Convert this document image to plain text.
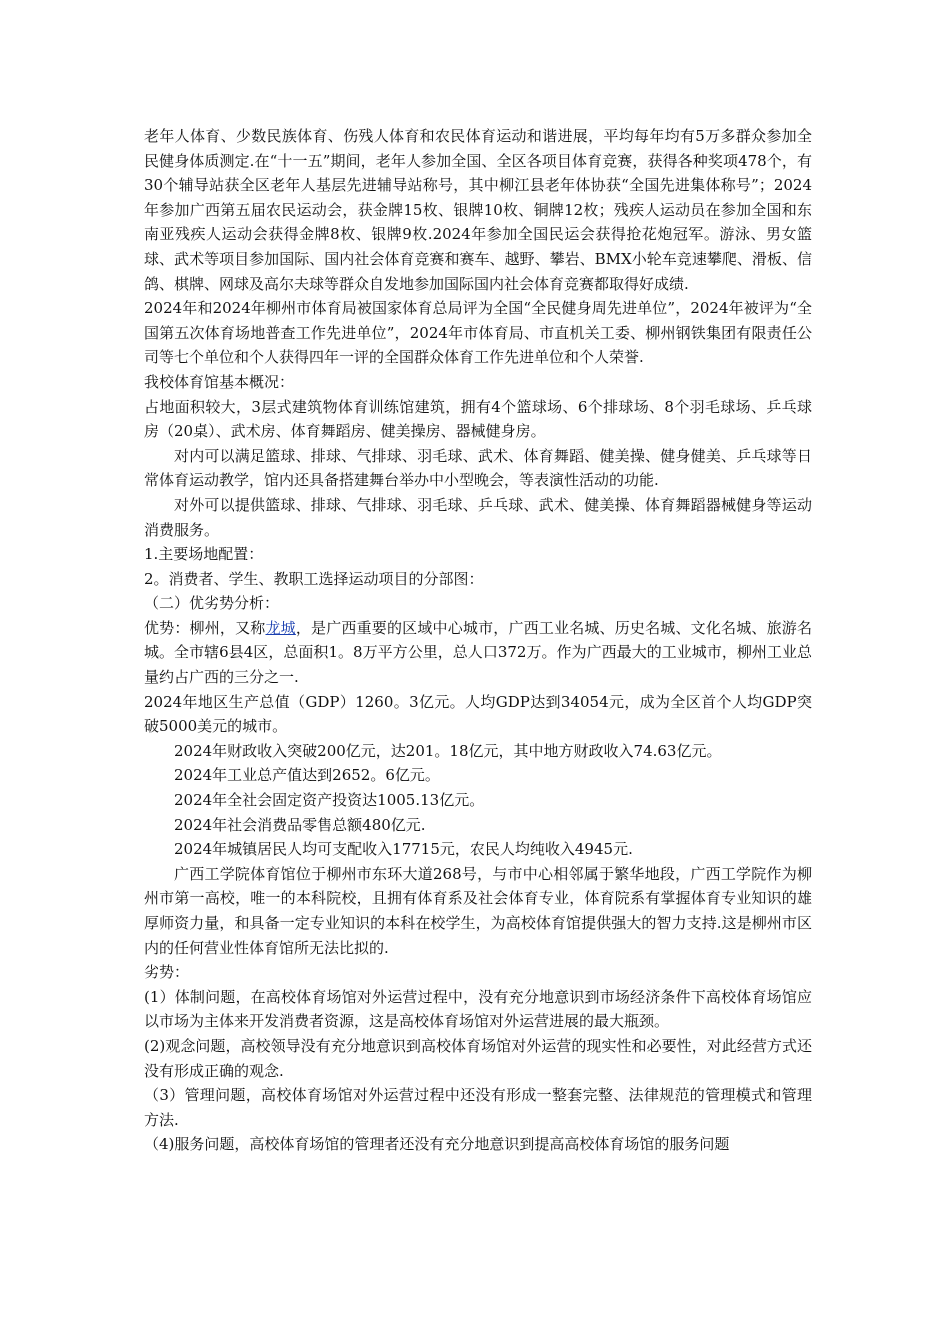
老年人体育、少数民族体育、伤残人体育和农民体育运动和谐进展，平均每年均有5万多群众参加全民健身体质测定.在“十一五”期间，老年人参加全国、全区各项目体育竞赛，获得各种奖项478个，有30个辅导站获全区老年人基层先进辅导站称号，其中柳江县老年体协获“全国先进集体称号”；2024年参加广西第五届农民运动会，获金牌15枚、银牌10枚、铜牌12枚；残疾人运动员在参加全国和东南亚残疾人运动会获得金牌8枚、银牌9枚.2024年参加全国民运会获得抢花炮冠军。游泳、男女篮球、武术等项目参加国际、国内社会体育竞赛和赛车、越野、攀岩、BMX小轮车竞速攀爬、滑板、信鸽、棋牌、网球及高尔夫球等群众自发地参加国际国内社会体育竞赛都取得好成绩.

2024年和2024年柳州市体育局被国家体育总局评为全国“全民健身周先进单位”，2024年被评为“全国第五次体育场地普查工作先进单位”，2024年市体育局、市直机关工委、柳州钢铁集团有限责任公司等七个单位和个人获得四年一评的全国群众体育工作先进单位和个人荣誉.

我校体育馆基本概况：

占地面积较大，3层式建筑物体育训练馆建筑，拥有4个篮球场、6个排球场、8个羽毛球场、乒乓球房（20桌）、武术房、体育舞蹈房、健美操房、器械健身房。

对内可以满足篮球、排球、气排球、羽毛球、武术、体育舞蹈、健美操、健身健美、乒乓球等日常体育运动教学，馆内还具备搭建舞台举办中小型晚会，等表演性活动的功能.

对外可以提供篮球、排球、气排球、羽毛球、乒乓球、武术、健美操、体育舞蹈器械健身等运动消费服务。

1.主要场地配置：

2。消费者、学生、教职工选择运动项目的分部图：

（二）优劣势分析：

优势：柳州，又称龙城，是广西重要的区域中心城市，广西工业名城、历史名城、文化名城、旅游名城。全市辖6县4区，总面积1。8万平方公里，总人口372万。作为广西最大的工业城市，柳州工业总量约占广西的三分之一.

2024年地区生产总值（GDP）1260。3亿元。人均GDP达到34054元，成为全区首个人均GDP突破5000美元的城市。

2024年财政收入突破200亿元，达201。18亿元，其中地方财政收入74.63亿元。

2024年工业总产值达到2652。6亿元。

2024年全社会固定资产投资达1005.13亿元。

2024年社会消费品零售总额480亿元.

2024年城镇居民人均可支配收入17715元，农民人均纯收入4945元.

广西工学院体育馆位于柳州市东环大道268号，与市中心相邻属于繁华地段，广西工学院作为柳州市第一高校，唯一的本科院校，且拥有体育系及社会体育专业，体育院系有掌握体育专业知识的雄厚师资力量，和具备一定专业知识的本科在校学生，为高校体育馆提供强大的智力支持.这是柳州市区内的任何营业性体育馆所无法比拟的.

劣势：

(1）体制问题，在高校体育场馆对外运营过程中，没有充分地意识到市场经济条件下高校体育场馆应以市场为主体来开发消费者资源，这是高校体育场馆对外运营进展的最大瓶颈。

(2)观念问题，高校领导没有充分地意识到高校体育场馆对外运营的现实性和必要性，对此经营方式还没有形成正确的观念.

（3）管理问题，高校体育场馆对外运营过程中还没有形成一整套完整、法律规范的管理模式和管理方法.

（4)服务问题，高校体育场馆的管理者还没有充分地意识到提高高校体育场馆的服务问题
